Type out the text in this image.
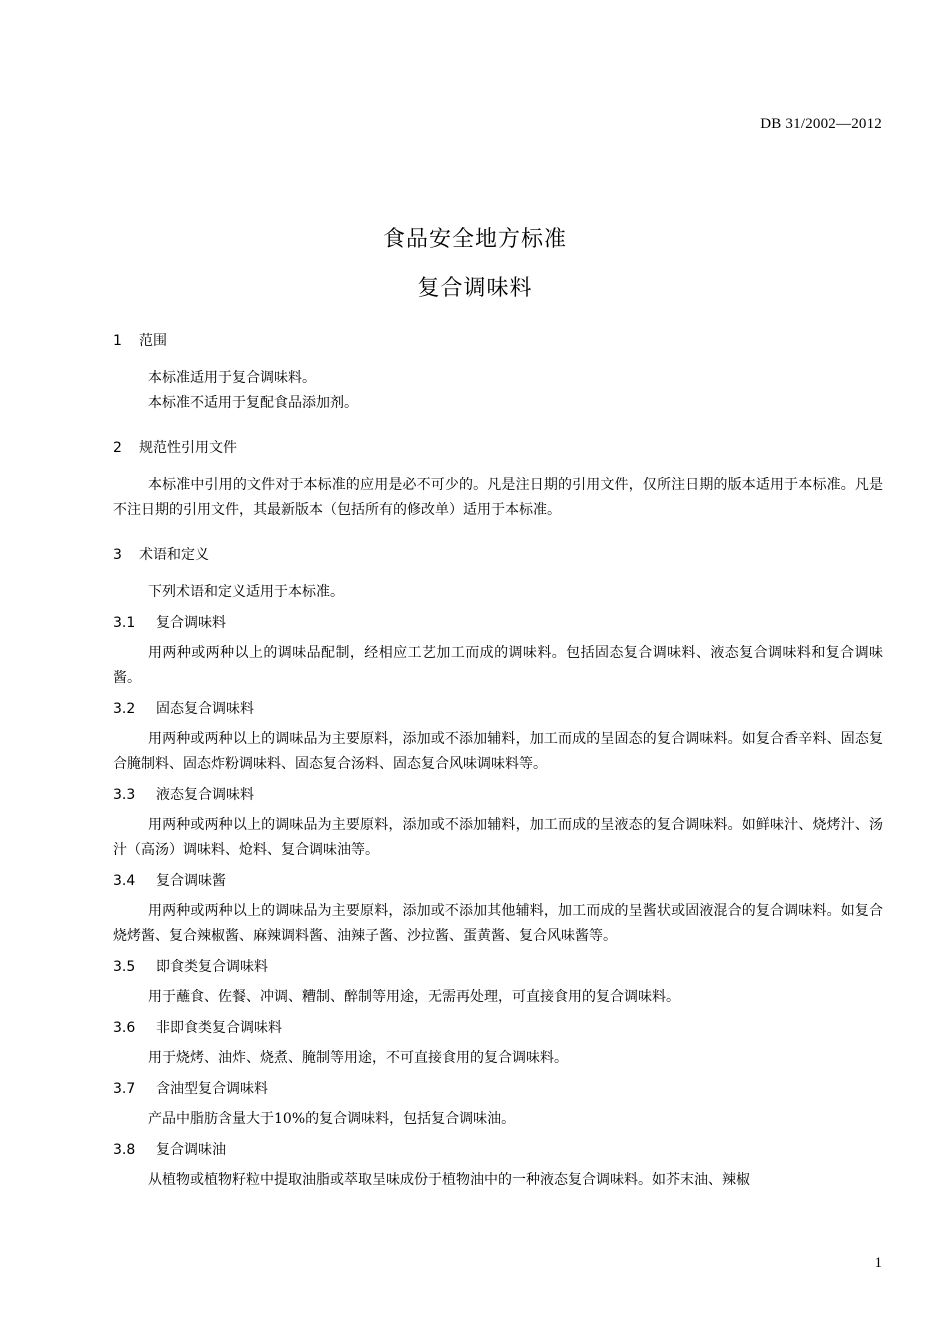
DB 31/2002—2012
食品安全地方标准
复合调味料
1 范围

本标准适用于复合调味料。

本标准不适用于复配食品添加剂。

2 规范性引用文件

本标准中引用的文件对于本标准的应用是必不可少的。凡是注日期的引用文件，仅所注日期的版本适用于本标准。凡是不注日期的引用文件，其最新版本（包括所有的修改单）适用于本标准。

3 术语和定义

下列术语和定义适用于本标准。

3.1 复合调味料

用两种或两种以上的调味品配制，经相应工艺加工而成的调味料。包括固态复合调味料、液态复合调味料和复合调味酱。

3.2 固态复合调味料

用两种或两种以上的调味品为主要原料，添加或不添加辅料，加工而成的呈固态的复合调味料。如复合香辛料、固态复合腌制料、固态炸粉调味料、固态复合汤料、固态复合风味调味料等。

3.3 液态复合调味料

用两种或两种以上的调味品为主要原料，添加或不添加辅料，加工而成的呈液态的复合调味料。如鲜味汁、烧烤汁、汤汁（高汤）调味料、炝料、复合调味油等。

3.4 复合调味酱

用两种或两种以上的调味品为主要原料，添加或不添加其他辅料，加工而成的呈酱状或固液混合的复合调味料。如复合烧烤酱、复合辣椒酱、麻辣调料酱、油辣子酱、沙拉酱、蛋黄酱、复合风味酱等。

3.5 即食类复合调味料

用于蘸食、佐餐、冲调、糟制、醉制等用途，无需再处理，可直接食用的复合调味料。

3.6 非即食类复合调味料

用于烧烤、油炸、烧煮、腌制等用途，不可直接食用的复合调味料。

3.7 含油型复合调味料

产品中脂肪含量大于10%的复合调味料，包括复合调味油。

3.8 复合调味油

从植物或植物籽粒中提取油脂或萃取呈味成份于植物油中的一种液态复合调味料。如芥末油、辣椒

1
